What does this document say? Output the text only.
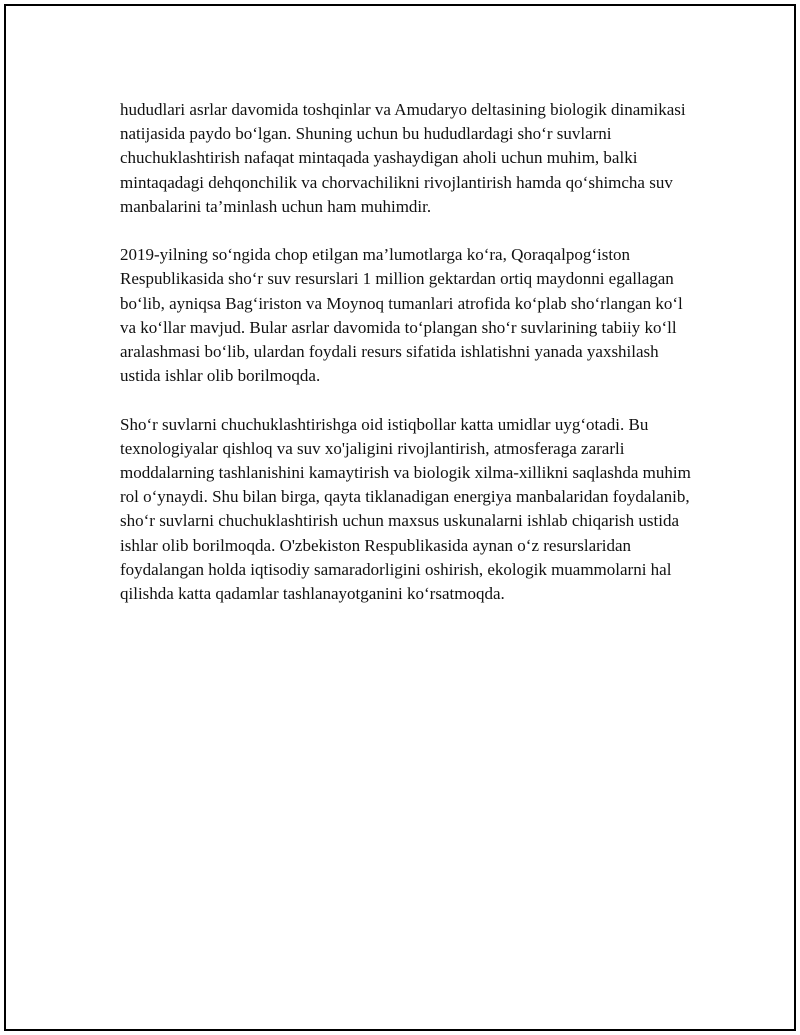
hududlari asrlar davomida toshqinlar va Amudaryo deltasining biologik dinamikasi natijasida paydo bo‘lgan. Shuning uchun bu hududlardagi sho‘r suvlarni chuchuklashtirish nafaqat mintaqada yashaydigan aholi uchun muhim, balki mintaqadagi dehqonchilik va chorvachilikni rivojlantirish hamda qo‘shimcha suv manbalarini ta’minlash uchun ham muhimdir.

2019-yilning so‘ngida chop etilgan ma’lumotlarga ko‘ra, Qoraqalpog‘iston Respublikasida sho‘r suv resurslari 1 million gektardan ortiq maydonni egallagan bo‘lib, ayniqsa Bag‘iriston va Moynoq tumanlari atrofida ko‘plab sho‘rlangan ko‘l va ko‘llar mavjud. Bular asrlar davomida to‘plangan sho‘r suvlarining tabiiy ko‘ll aralashmasi bo‘lib, ulardan foydali resurs sifatida ishlatishni yanada yaxshilash ustida ishlar olib borilmoqda.

Sho‘r suvlarni chuchuklashtirishga oid istiqbollar katta umidlar uyg‘otadi. Bu texnologiyalar qishloq va suv xo'jaligini rivojlantirish, atmosferaga zararli moddalarning tashlanishini kamaytirish va biologik xilma-xillikni saqlashda muhim rol o‘ynaydi. Shu bilan birga, qayta tiklanadigan energiya manbalaridan foydalanib, sho‘r suvlarni chuchuklashtirish uchun maxsus uskunalarni ishlab chiqarish ustida ishlar olib borilmoqda. O'zbekiston Respublikasida aynan o‘z resurslaridan foydalangan holda iqtisodiy samaradorligini oshirish, ekologik muammolarni hal qilishda katta qadamlar tashlanayotganini ko‘rsatmoqda.
